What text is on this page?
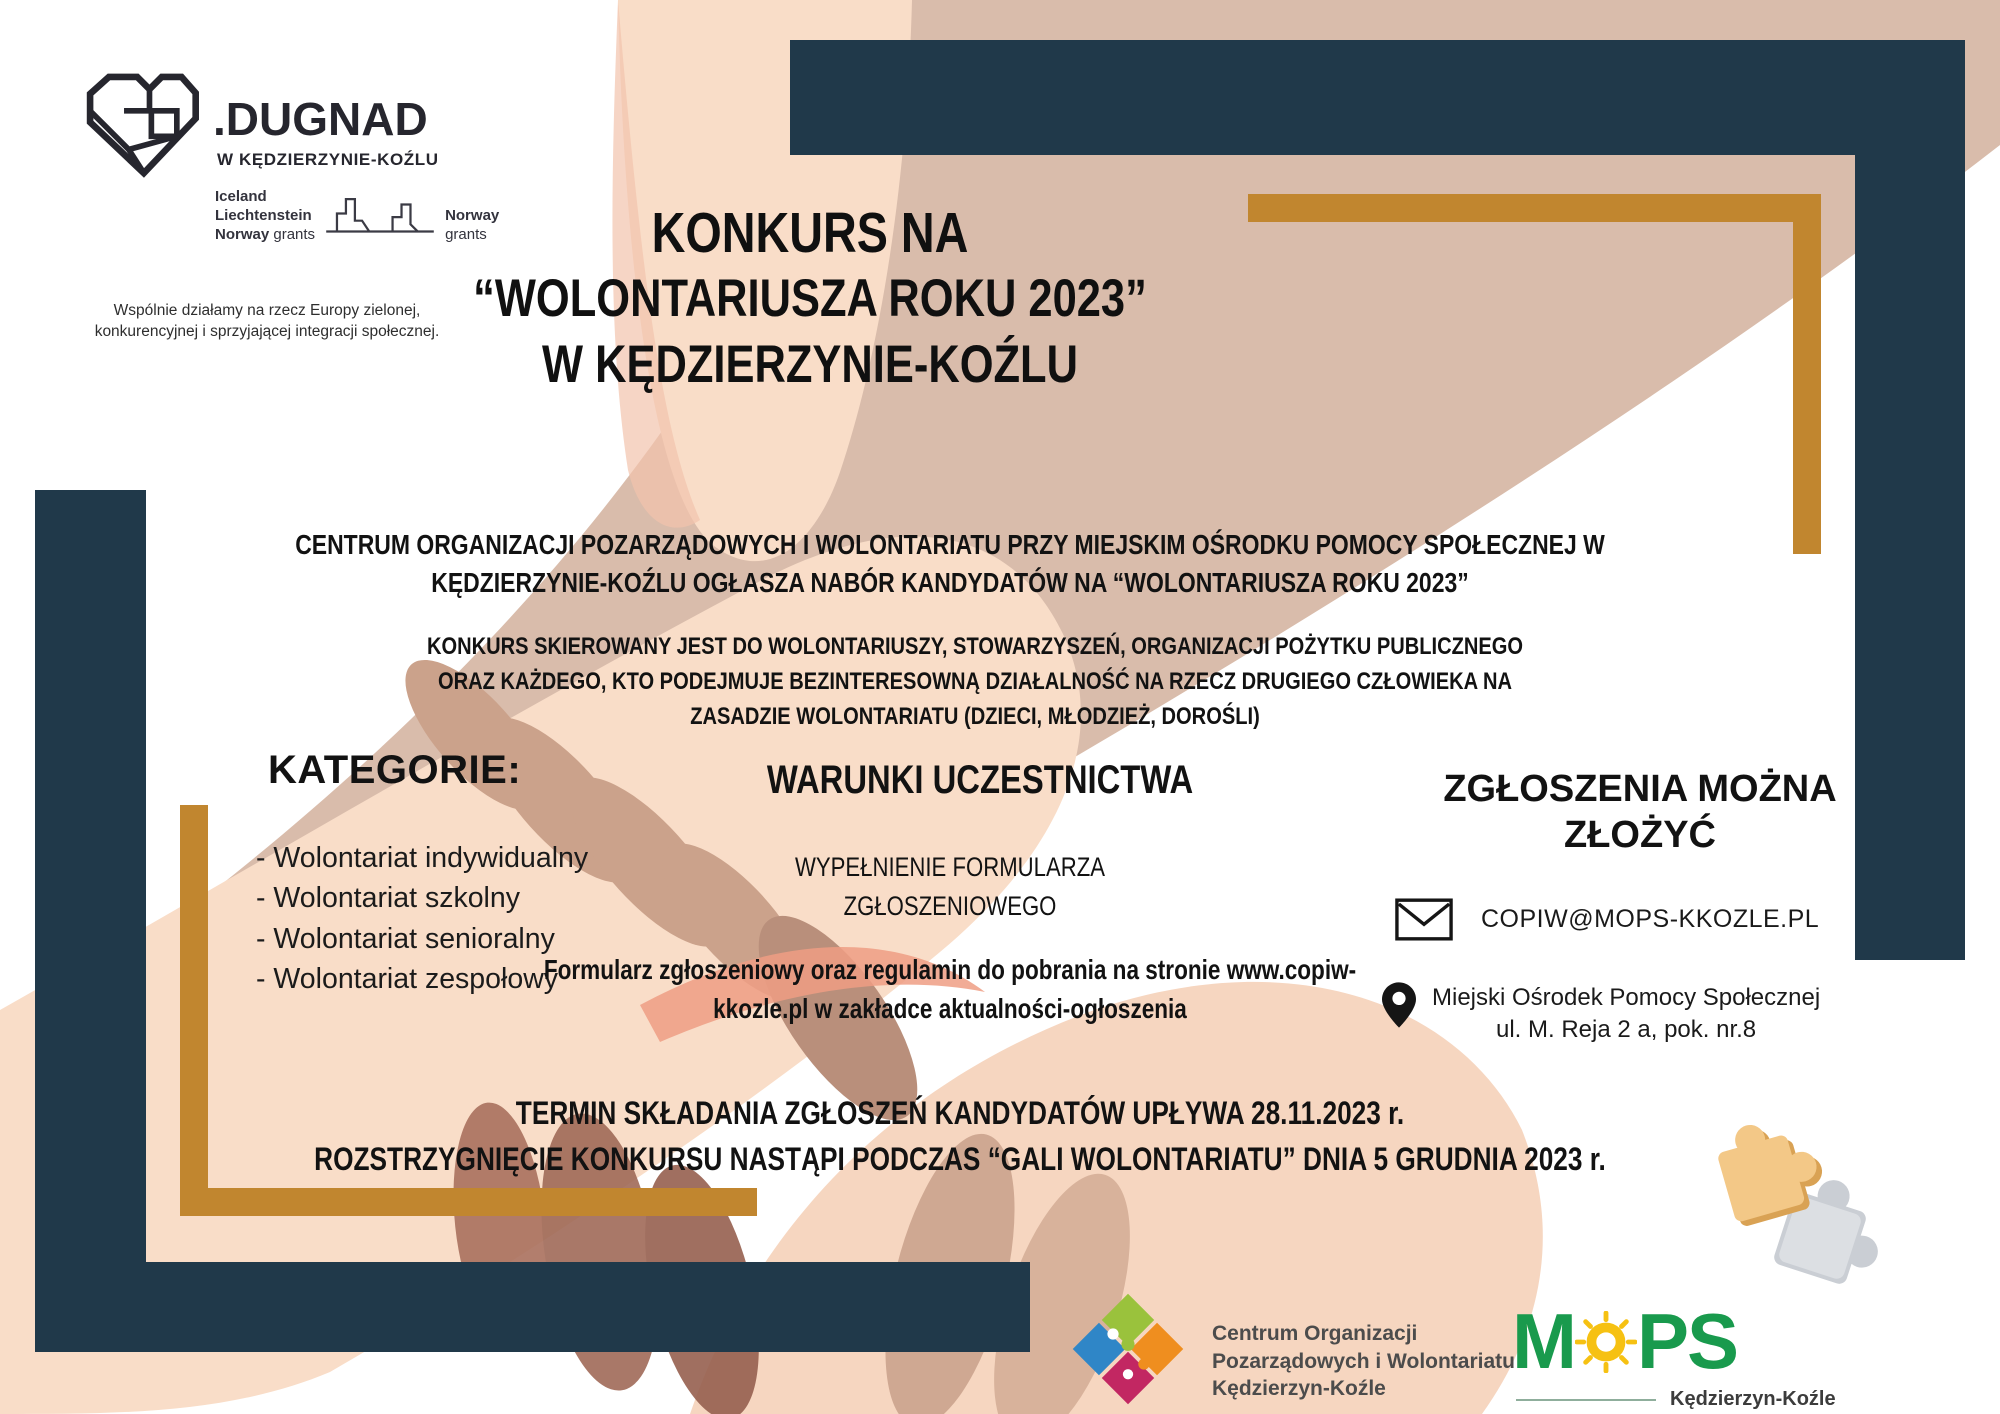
.DUGNAD
W KĘDZIERZYNIE-KOŹLU
Iceland
Liechtenstein
Norway grants
Norway
grants
Wspólnie działamy na rzecz Europy zielonej, konkurencyjnej i sprzyjającej integracji społecznej.
KONKURS NA
“WOLONTARIUSZA ROKU 2023”
W KĘDZIERZYNIE-KOŹLU
CENTRUM ORGANIZACJI POZARZĄDOWYCH I WOLONTARIATU PRZY MIEJSKIM OŚRODKU POMOCY SPOŁECZNEJ W KĘDZIERZYNIE-KOŹLU OGŁASZA NABÓR KANDYDATÓW NA “WOLONTARIUSZA ROKU 2023”
KONKURS SKIEROWANY JEST DO WOLONTARIUSZY, STOWARZYSZEŃ, ORGANIZACJI POŻYTKU PUBLICZNEGO ORAZ KAŻDEGO, KTO PODEJMUJE BEZINTERESOWNĄ DZIAŁALNOŚĆ NA RZECZ DRUGIEGO CZŁOWIEKA NA ZASADZIE WOLONTARIATU (DZIECI, MŁODZIEŻ, DOROŚLI)
KATEGORIE:
- Wolontariat indywidualny
- Wolontariat szkolny
- Wolontariat senioralny
- Wolontariat zespołowy
WARUNKI UCZESTNICTWA
WYPEŁNIENIE FORMULARZA ZGŁOSZENIOWEGO
Formularz zgłoszeniowy oraz regulamin do pobrania na stronie www.copiw-kkozle.pl w zakładce aktualności-ogłoszenia
ZGŁOSZENIA MOŻNA ZŁOŻYĆ
COPIW@MOPS-KKOZLE.PL
Miejski Ośrodek Pomocy Społecznej
ul. M. Reja 2 a, pok. nr.8
TERMIN SKŁADANIA ZGŁOSZEŃ KANDYDATÓW UPŁYWA 28.11.2023 r.
ROZSTRZYGNIĘCIE KONKURSU NASTĄPI PODCZAS “GALI WOLONTARIATU” DNIA 5 GRUDNIA 2023 r.
Centrum Organizacji
Pozarządowych i Wolontariatu
Kędzierzyn-Koźle
M PS
Kędzierzyn-Koźle
